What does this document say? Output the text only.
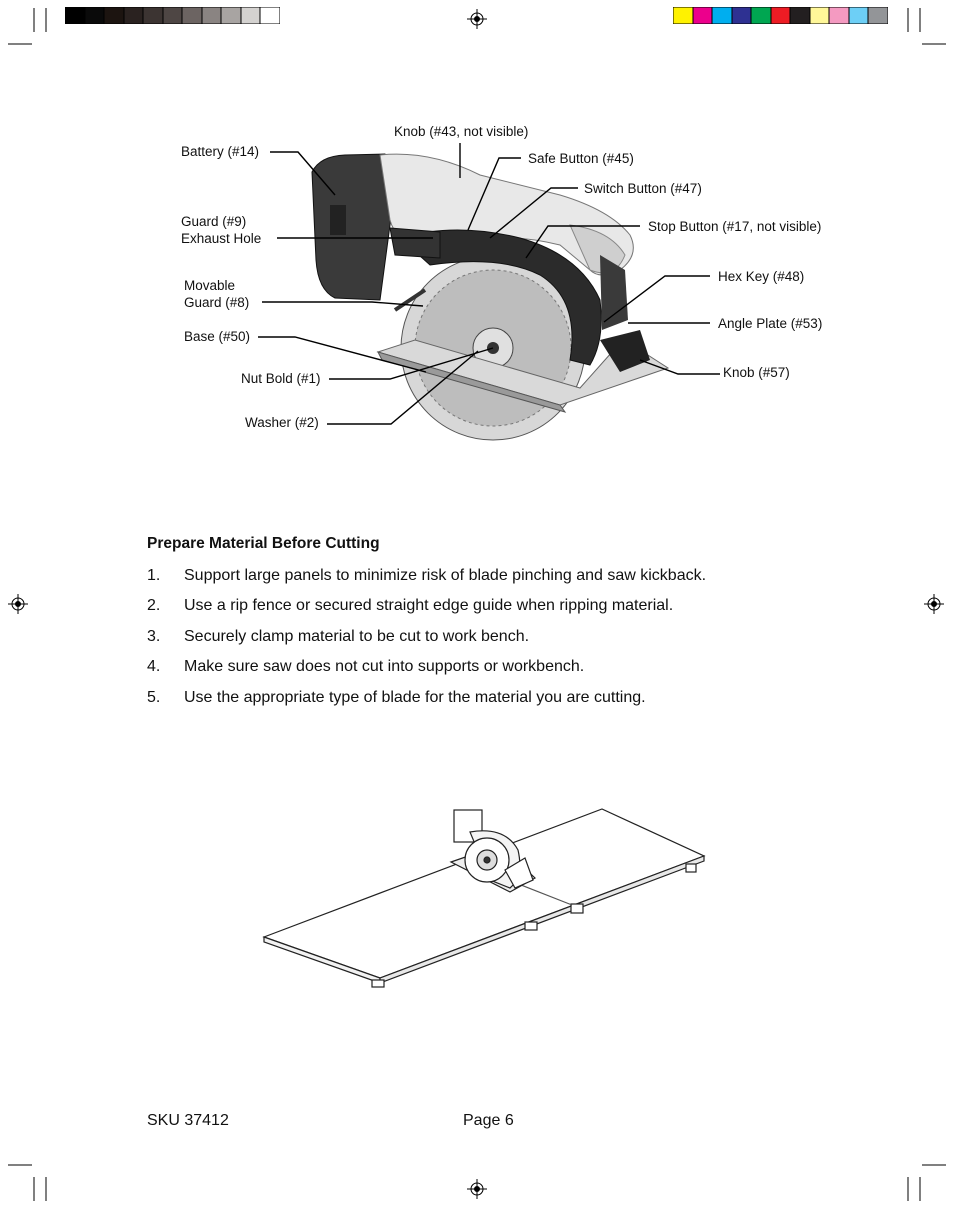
Battery (#14)
Knob (#43, not visible)
Safe Button (#45)
Switch Button (#47)
Guard (#9)
Exhaust Hole
Stop Button (#17, not visible)
Movable
Guard (#8)
Hex Key (#48)
Angle Plate (#53)
Base (#50)
Knob (#57)
Nut Bold (#1)
Washer (#2)
Prepare Material Before Cutting
1. Support large panels to minimize risk of blade pinching and saw kickback.
2. Use a rip fence or secured straight edge guide when ripping material.
3. Securely clamp material to be cut to work bench.
4. Make sure saw does not cut into supports or workbench.
5. Use the appropriate type of blade for the material you are cutting.
SKU 37412	Page 6
